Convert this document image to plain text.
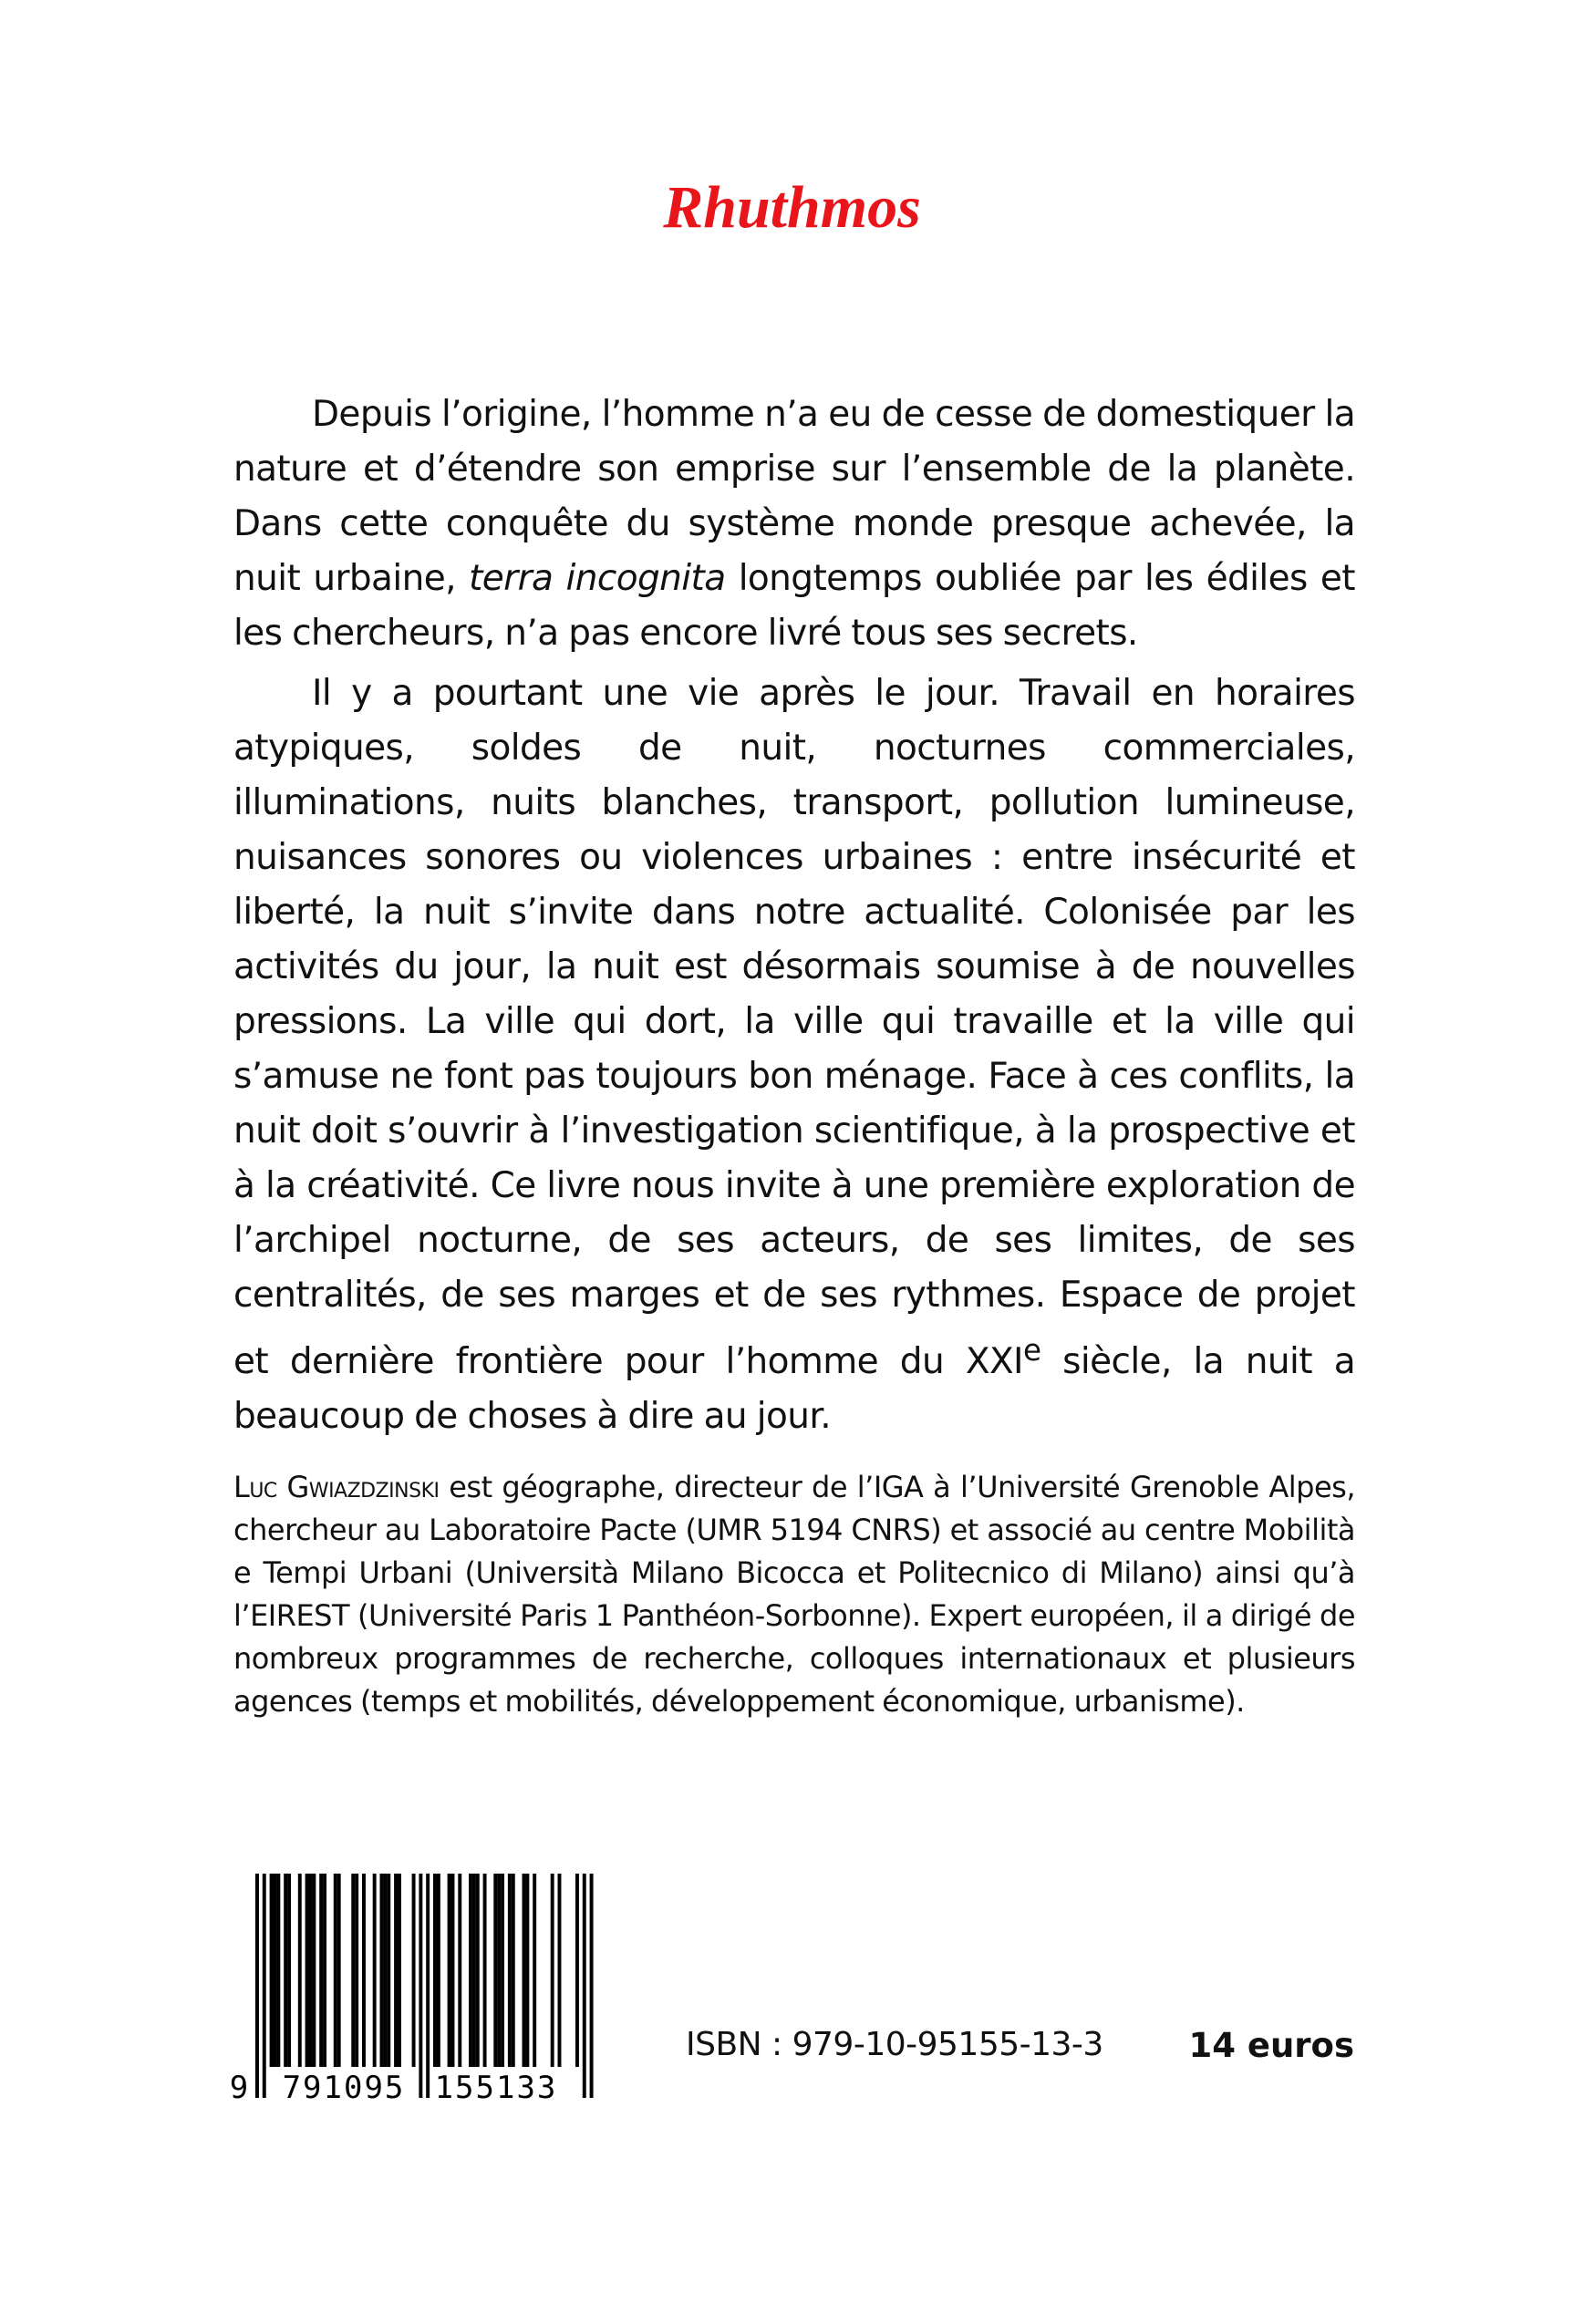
Rhuthmos

Depuis l’origine, l’homme n’a eu de cesse de domestiquer la nature et d’étendre son emprise sur l’ensemble de la planète. Dans cette conquête du système monde presque achevée, la nuit urbaine, terra incognita longtemps oubliée par les édiles et les chercheurs, n’a pas encore livré tous ses secrets.

Il y a pourtant une vie après le jour. Travail en horaires atypiques, soldes de nuit, nocturnes commerciales, illuminations, nuits blanches, transport, pollution lumineuse, nuisances sonores ou violences urbaines : entre insécurité et liberté, la nuit s’invite dans notre actualité. Colonisée par les activités du jour, la nuit est désormais soumise à de nouvelles pressions. La ville qui dort, la ville qui travaille et la ville qui s’amuse ne font pas toujours bon ménage. Face à ces conflits, la nuit doit s’ouvrir à l’investigation scientifique, à la prospective et à la créativité. Ce livre nous invite à une première exploration de l’archipel nocturne, de ses acteurs, de ses limites, de ses centralités, de ses marges et de ses rythmes. Espace de projet et dernière frontière pour l’homme du XXIe siècle, la nuit a beaucoup de choses à dire au jour.

Luc Gwiazdzinski est géographe, directeur de l’IGA à l’Université Grenoble Alpes, chercheur au Laboratoire Pacte (UMR 5194 CNRS) et associé au centre Mobilità e Tempi Urbani (Università Milano Bicocca et Politecnico di Milano) ainsi qu’à l’EIREST (Université Paris 1 Panthéon-Sorbonne). Expert européen, il a dirigé de nombreux programmes de recherche, colloques internationaux et plusieurs agences (temps et mobilités, développement économique, urbanisme).

9 791095 155133
ISBN : 979-10-95155-13-3	14 euros
